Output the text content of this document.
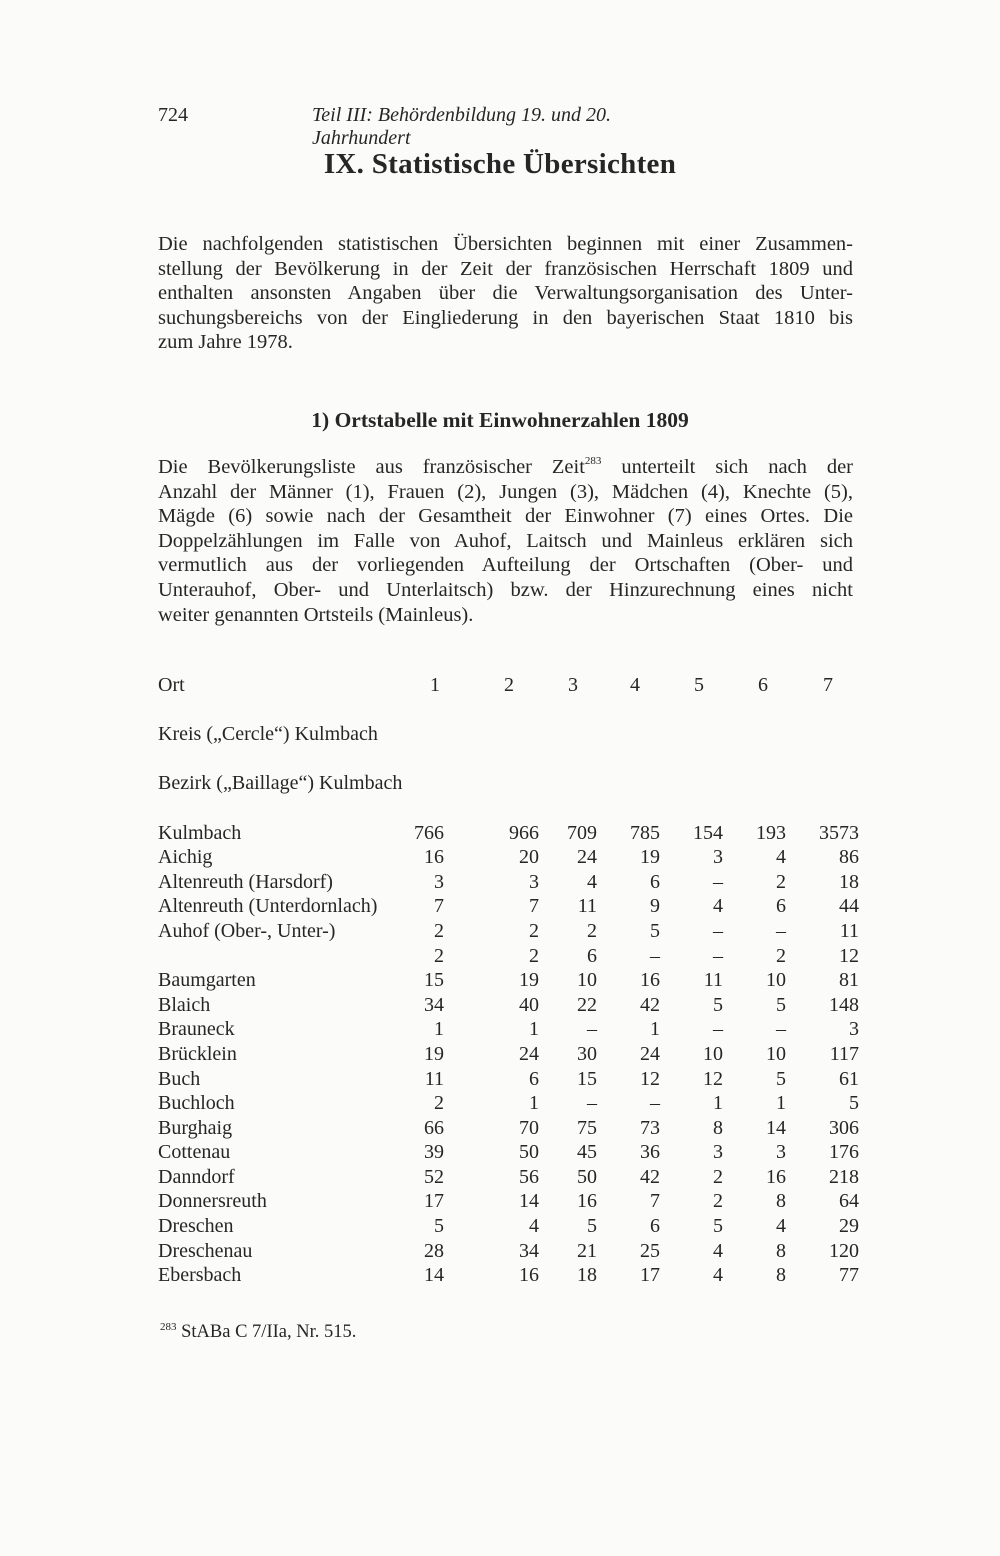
724	Teil III: Behördenbildung 19. und 20. Jahrhundert
IX. Statistische Übersichten
Die nachfolgenden statistischen Übersichten beginnen mit einer Zusammen-
stellung der Bevölkerung in der Zeit der französischen Herrschaft 1809 und
enthalten ansonsten Angaben über die Verwaltungsorganisation des Unter-
suchungsbereichs von der Eingliederung in den bayerischen Staat 1810 bis
zum Jahre 1978.
1) Ortstabelle mit Einwohnerzahlen 1809
Die Bevölkerungsliste aus französischer Zeit$^{283}$ unterteilt sich nach der
Anzahl der Männer (1), Frauen (2), Jungen (3), Mädchen (4), Knechte (5),
Mägde (6) sowie nach der Gesamtheit der Einwohner (7) eines Ortes. Die
Doppelzählungen im Falle von Auhof, Laitsch und Mainleus erklären sich
vermutlich aus der vorliegenden Aufteilung der Ortschaften (Ober- und
Unterauhof, Ober- und Unterlaitsch) bzw. der Hinzurechnung eines nicht
weiter genannten Ortsteils (Mainleus).
Ort	1	2	3	4	5	6	7
Kreis („Cercle“) Kulmbach
Bezirk („Baillage“) Kulmbach
Kulmbach	766	966	709	785	154	193	3573
Aichig	16	20	24	19	3	4	86
Altenreuth (Harsdorf)	3	3	4	6	–	2	18
Altenreuth (Unterdornlach)	7	7	11	9	4	6	44
Auhof (Ober-, Unter-)	2	2	2	5	–	–	11
2	2	6	–	–	2	12
Baumgarten	15	19	10	16	11	10	81
Blaich	34	40	22	42	5	5	148
Brauneck	1	1	–	1	–	–	3
Brücklein	19	24	30	24	10	10	117
Buch	11	6	15	12	12	5	61
Buchloch	2	1	–	–	1	1	5
Burghaig	66	70	75	73	8	14	306
Cottenau	39	50	45	36	3	3	176
Danndorf	52	56	50	42	2	16	218
Donnersreuth	17	14	16	7	2	8	64
Dreschen	5	4	5	6	5	4	29
Dreschenau	28	34	21	25	4	8	120
Ebersbach	14	16	18	17	4	8	77
$^{283}$ StABa C 7/IIa, Nr. 515.
